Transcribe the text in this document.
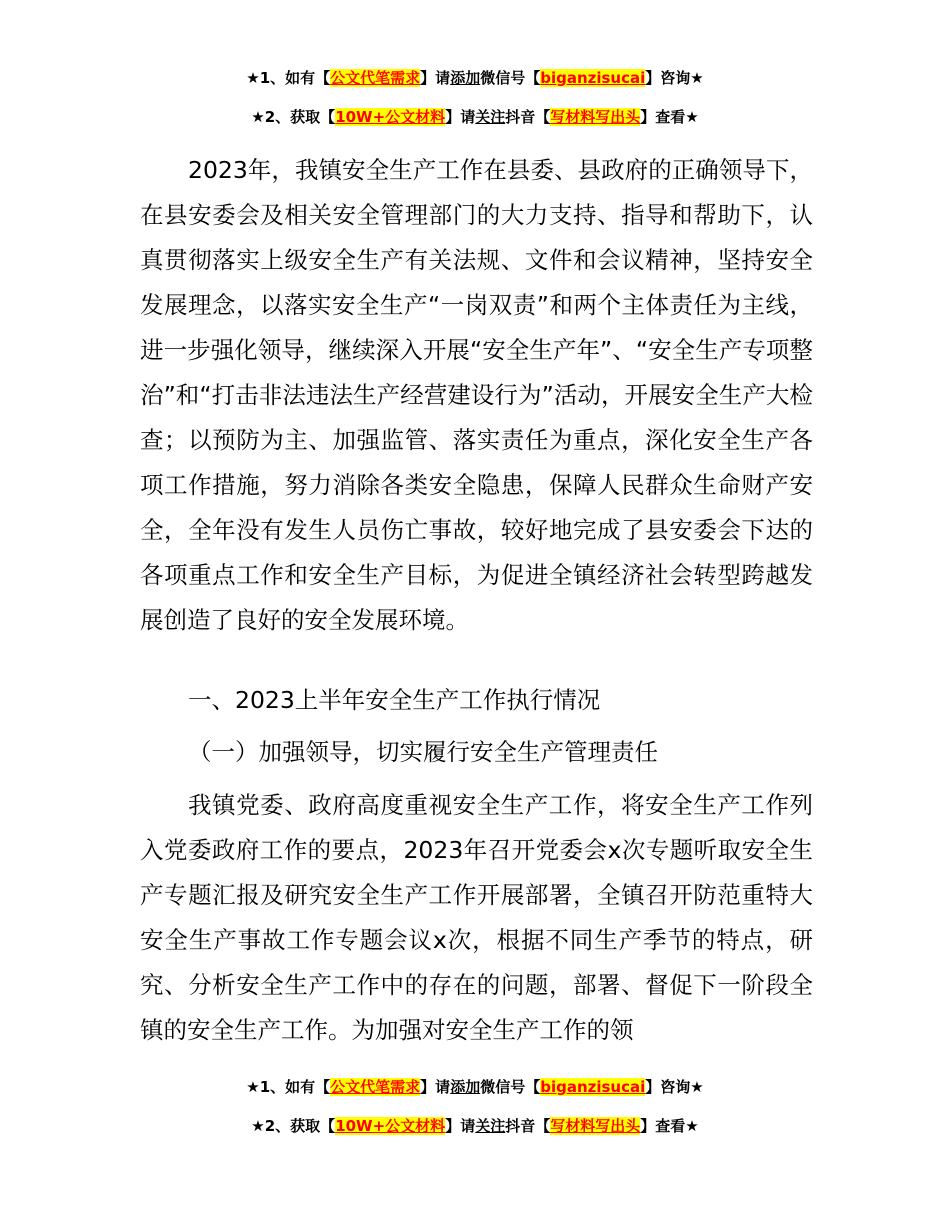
★1、如有【公文代笔需求】请添加微信号【biganzisucai】咨询★
★2、获取【10W+公文材料】请关注抖音【写材料写出头】查看★

2023年，我镇安全生产工作在县委、县政府的正确领导下，在县安委会及相关安全管理部门的大力支持、指导和帮助下，认真贯彻落实上级安全生产有关法规、文件和会议精神，坚持安全发展理念，以落实安全生产“一岗双责”和两个主体责任为主线，进一步强化领导，继续深入开展“安全生产年”、“安全生产专项整治”和“打击非法违法生产经营建设行为”活动，开展安全生产大检查；以预防为主、加强监管、落实责任为重点，深化安全生产各项工作措施，努力消除各类安全隐患，保障人民群众生命财产安全，全年没有发生人员伤亡事故，较好地完成了县安委会下达的各项重点工作和安全生产目标，为促进全镇经济社会转型跨越发展创造了良好的安全发展环境。

一、2023上半年安全生产工作执行情况

（一）加强领导，切实履行安全生产管理责任

我镇党委、政府高度重视安全生产工作，将安全生产工作列入党委政府工作的要点，2023年召开党委会x次专题听取安全生产专题汇报及研究安全生产工作开展部署，全镇召开防范重特大安全生产事故工作专题会议x次，根据不同生产季节的特点，研究、分析安全生产工作中的存在的问题，部署、督促下一阶段全镇的安全生产工作。为加强对安全生产工作的领

★1、如有【公文代笔需求】请添加微信号【biganzisucai】咨询★
★2、获取【10W+公文材料】请关注抖音【写材料写出头】查看★
